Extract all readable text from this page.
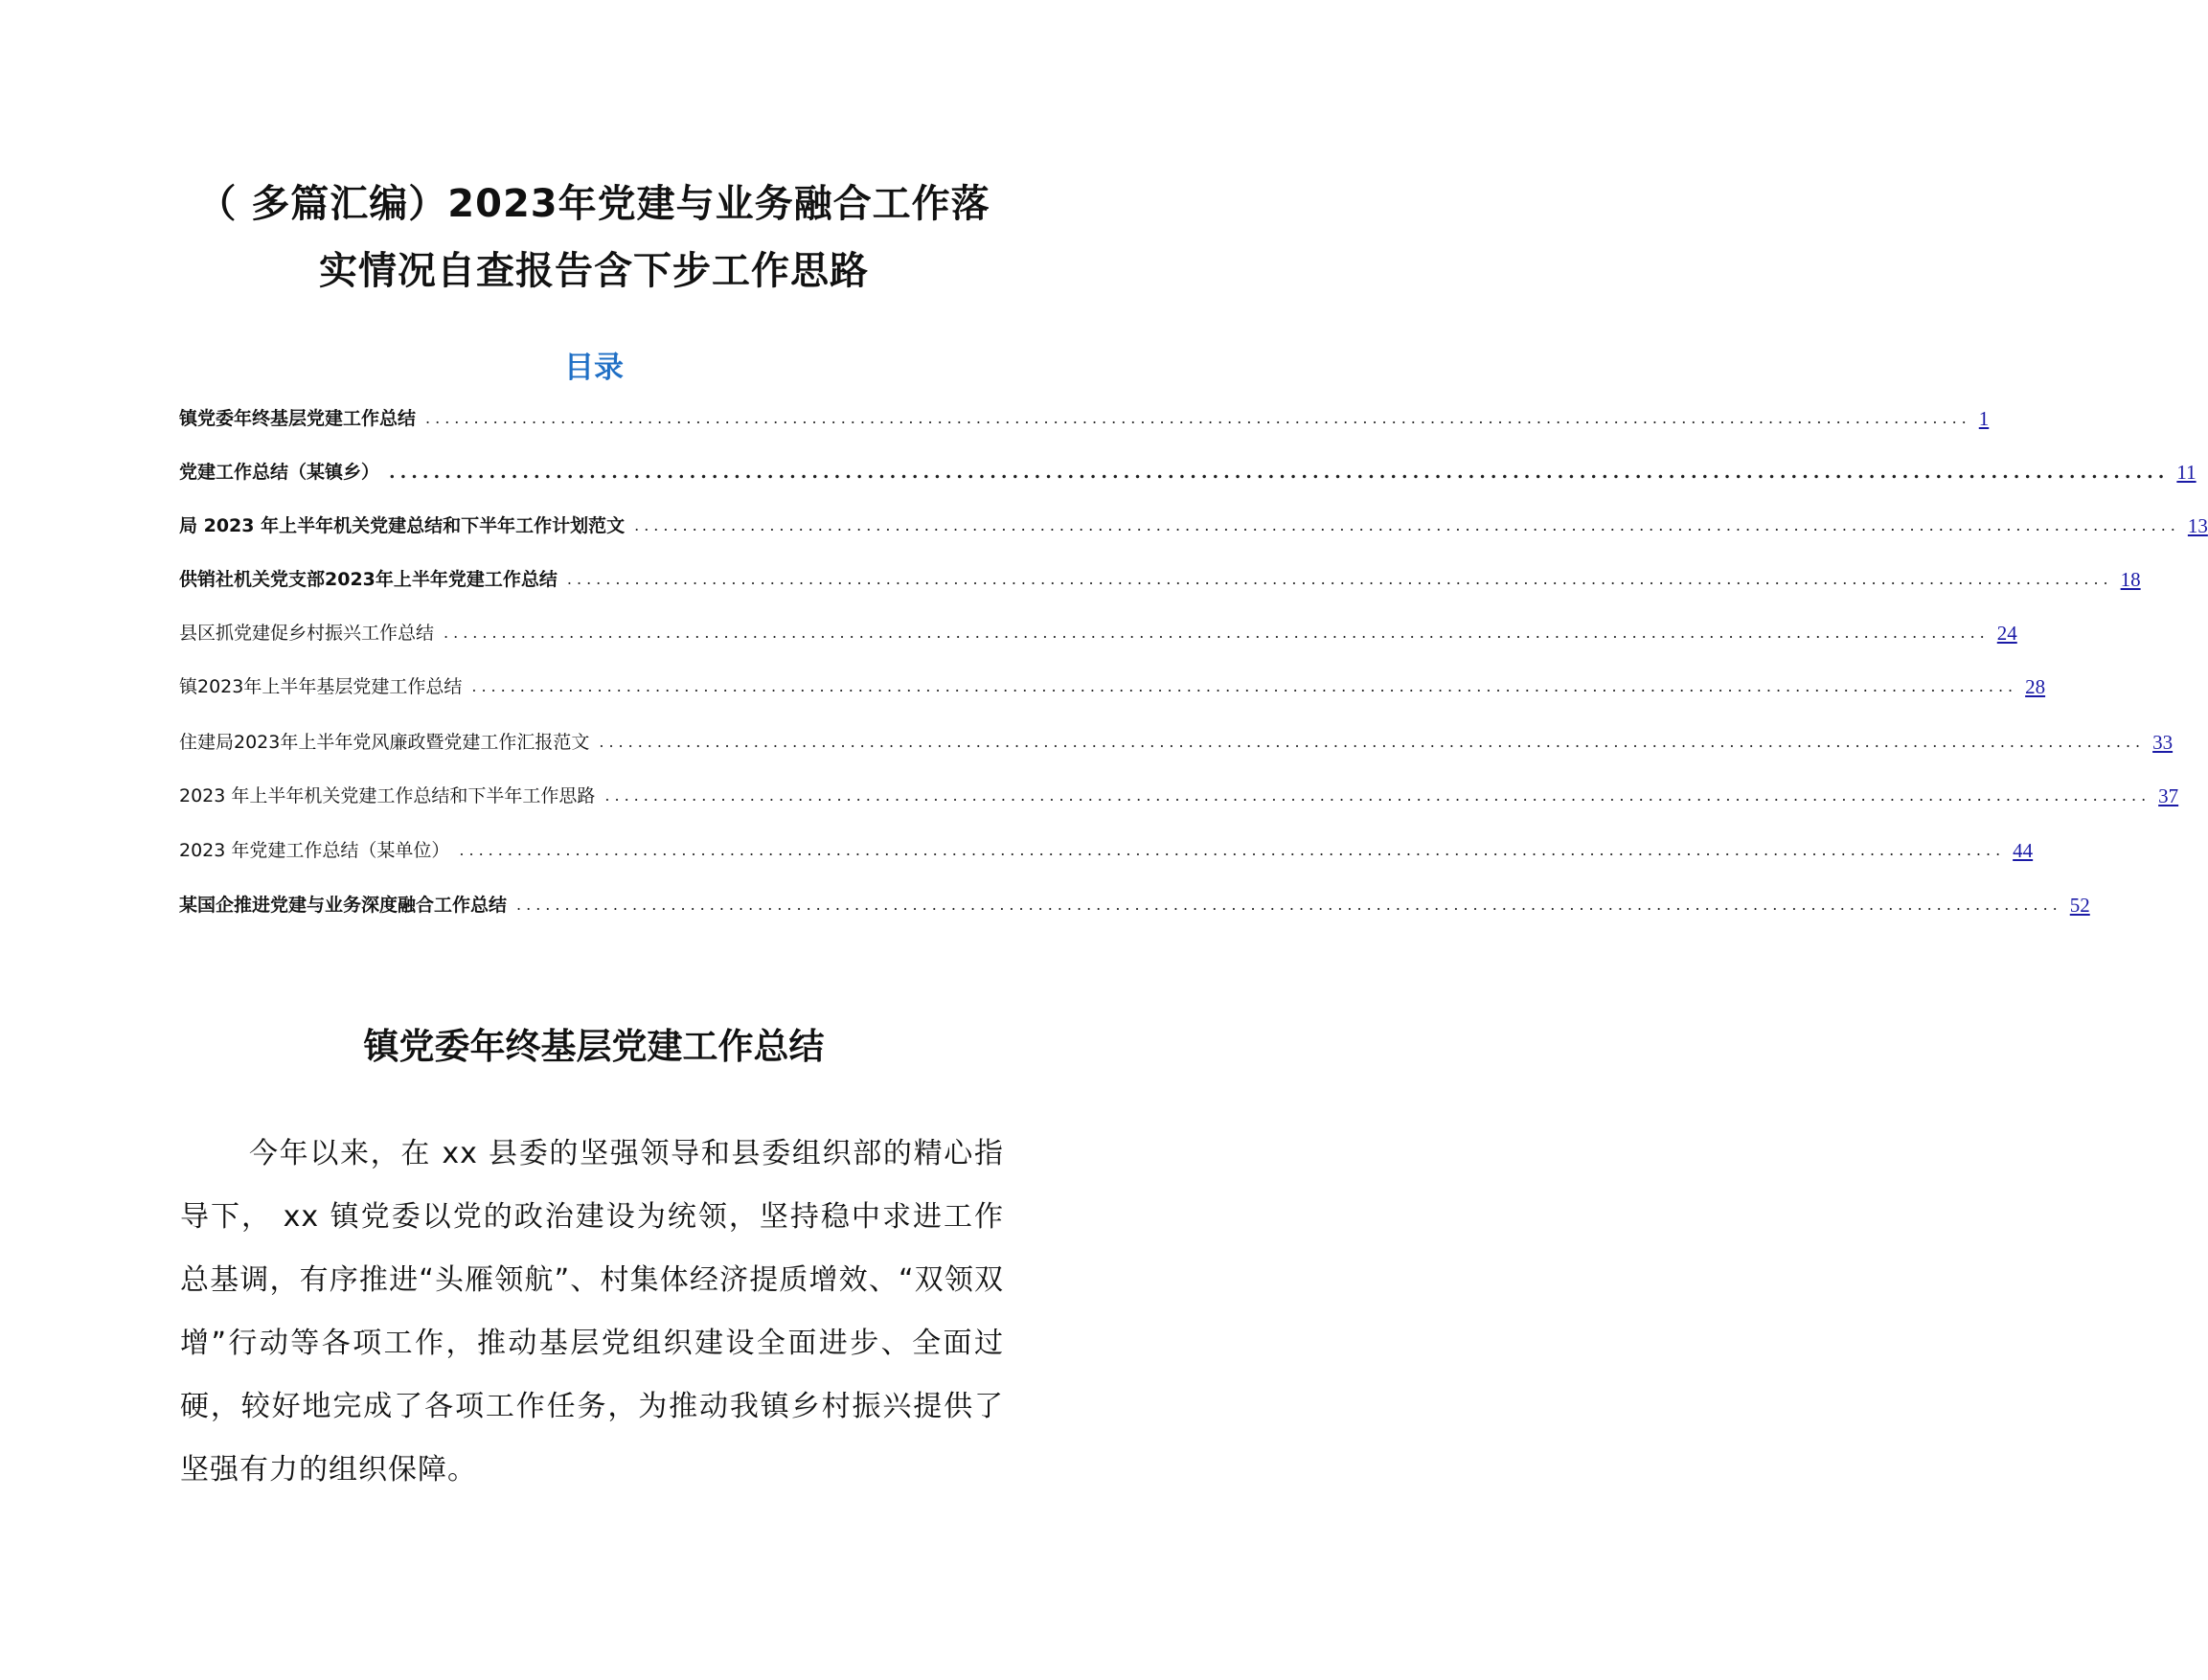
（ 多篇汇编）2023年党建与业务融合工作落
实情况自查报告含下步工作思路
目录
镇党委年终基层党建工作总结 ................................................................................................................................................................ 1
党建工作总结（某镇乡） ................................................................................................................................................................ 11
局 2023 年上半年机关党建总结和下半年工作计划范文 ................................................................................................................................................................ 13
供销社机关党支部2023年上半年党建工作总结 ................................................................................................................................................................ 18
县区抓党建促乡村振兴工作总结 ................................................................................................................................................................ 24
镇2023年上半年基层党建工作总结 ................................................................................................................................................................ 28
住建局2023年上半年党风廉政暨党建工作汇报范文 ................................................................................................................................................................ 33
2023 年上半年机关党建工作总结和下半年工作思路 ................................................................................................................................................................ 37
2023 年党建工作总结（某单位） ................................................................................................................................................................ 44
某国企推进党建与业务深度融合工作总结 ................................................................................................................................................................ 52
镇党委年终基层党建工作总结

今年以来，在 xx 县委的坚强领导和县委组织部的精心指导下， xx 镇党委以党的政治建设为统领，坚持稳中求进工作总基调，有序推进“头雁领航”、村集体经济提质增效、“双领双增”行动等各项工作，推动基层党组织建设全面进步、全面过硬，较好地完成了各项工作任务，为推动我镇乡村振兴提供了坚强有力的组织保障。
